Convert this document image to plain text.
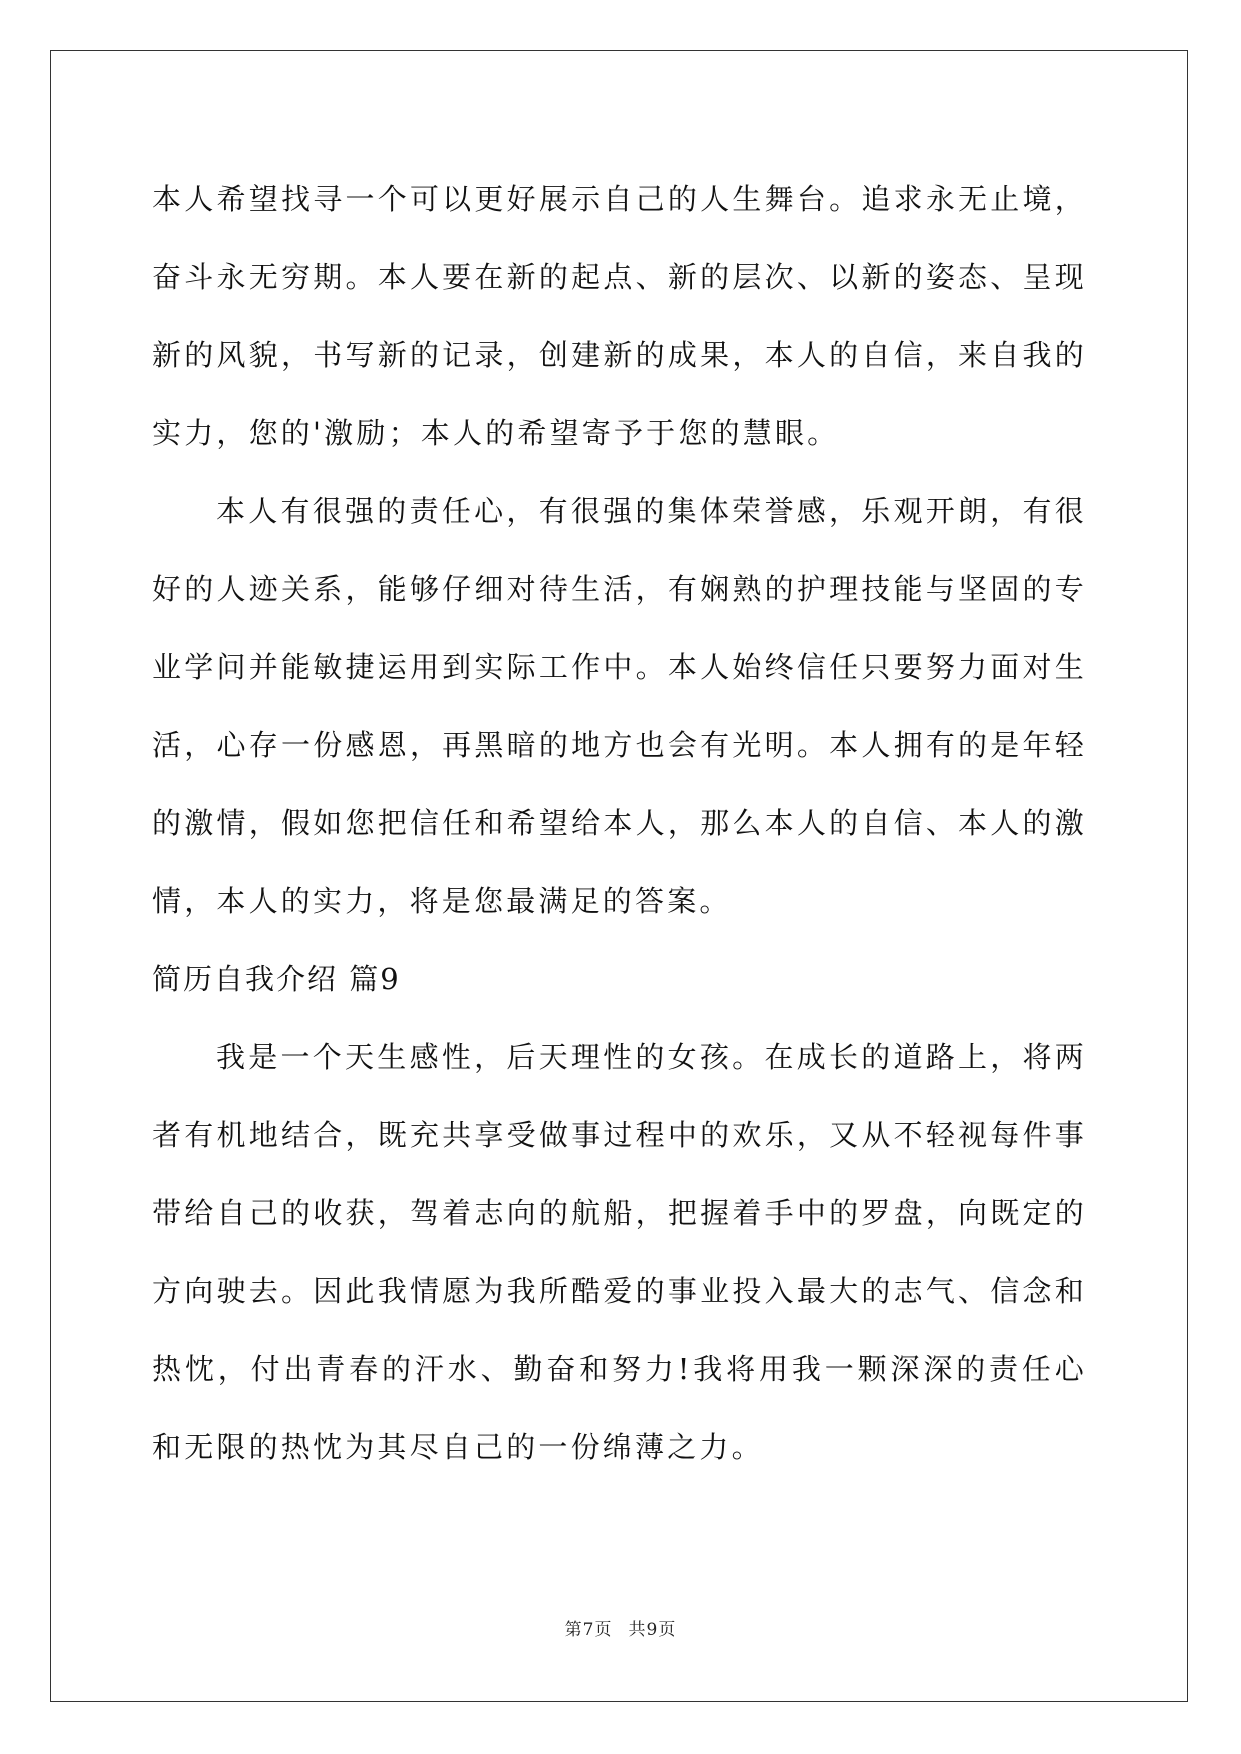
本人希望找寻一个可以更好展示自己的人生舞台。追求永无止境，奋斗永无穷期。本人要在新的起点、新的层次、以新的姿态、呈现新的风貌，书写新的记录，创建新的成果，本人的自信，来自我的实力，您的'激励；本人的希望寄予于您的慧眼。

本人有很强的责任心，有很强的集体荣誉感，乐观开朗，有很好的人迹关系，能够仔细对待生活，有娴熟的护理技能与坚固的专业学问并能敏捷运用到实际工作中。本人始终信任只要努力面对生活，心存一份感恩，再黑暗的地方也会有光明。本人拥有的是年轻的激情，假如您把信任和希望给本人，那么本人的自信、本人的激情，本人的实力，将是您最满足的答案。

简历自我介绍 篇9

我是一个天生感性，后天理性的女孩。在成长的道路上，将两者有机地结合，既充共享受做事过程中的欢乐，又从不轻视每件事带给自己的收获，驾着志向的航船，把握着手中的罗盘，向既定的方向驶去。因此我情愿为我所酷爱的事业投入最大的志气、信念和热忱，付出青春的汗水、勤奋和努力!我将用我一颗深深的责任心和无限的热忱为其尽自己的一份绵薄之力。

第7页 共9页
